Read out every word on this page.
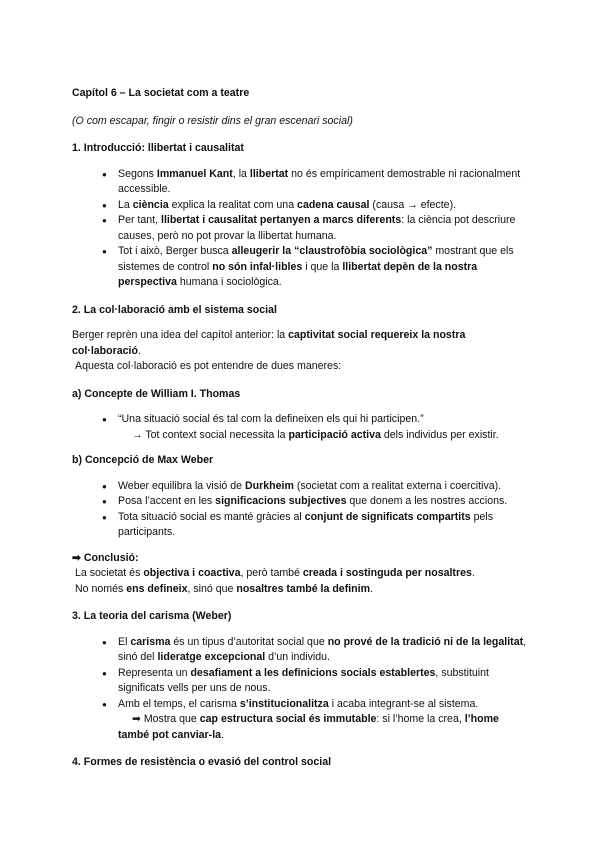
Capítol 6 – La societat com a teatre

(O com escapar, fingir o resistir dins el gran escenari social)

1. Introducció: llibertat i causalitat

● Segons Immanuel Kant, la llibertat no és empíricament demostrable ni racionalment accessible.
● La ciència explica la realitat com una cadena causal (causa → efecte).
● Per tant, llibertat i causalitat pertanyen a marcs diferents: la ciència pot descriure causes, però no pot provar la llibertat humana.
● Tot i això, Berger busca alleugerir la “claustrofòbia sociològica” mostrant que els sistemes de control no són infal·libles i que la llibertat depèn de la nostra perspectiva humana i sociològica.

2. La col·laboració amb el sistema social

Berger reprèn una idea del capítol anterior: la captivitat social requereix la nostra col·laboració.

Aquesta col·laboració es pot entendre de dues maneres:

a) Concepte de William I. Thomas

● “Una situació social és tal com la defineixen els qui hi participen.”
→ Tot context social necessita la participació activa dels individus per existir.

b) Concepció de Max Weber

● Weber equilibra la visió de Durkheim (societat com a realitat externa i coercitiva).
● Posa l’accent en les significacions subjectives que donem a les nostres accions.
● Tota situació social es manté gràcies al conjunt de significats compartits pels participants.

➡ Conclusió:

La societat és objectiva i coactiva, però també creada i sostinguda per nosaltres.

No només ens defineix, sinó que nosaltres també la definim.

3. La teoria del carisma (Weber)

● El carisma és un tipus d’autoritat social que no prové de la tradició ni de la legalitat, sinó del lideratge excepcional d’un individu.
● Representa un desafiament a les definicions socials establertes, substituint significats vells per uns de nous.
● Amb el temps, el carisma s’institucionalitza i acaba integrant-se al sistema.
➡ Mostra que cap estructura social és immutable: si l’home la crea, l’home també pot canviar-la.

4. Formes de resistència o evasió del control social
